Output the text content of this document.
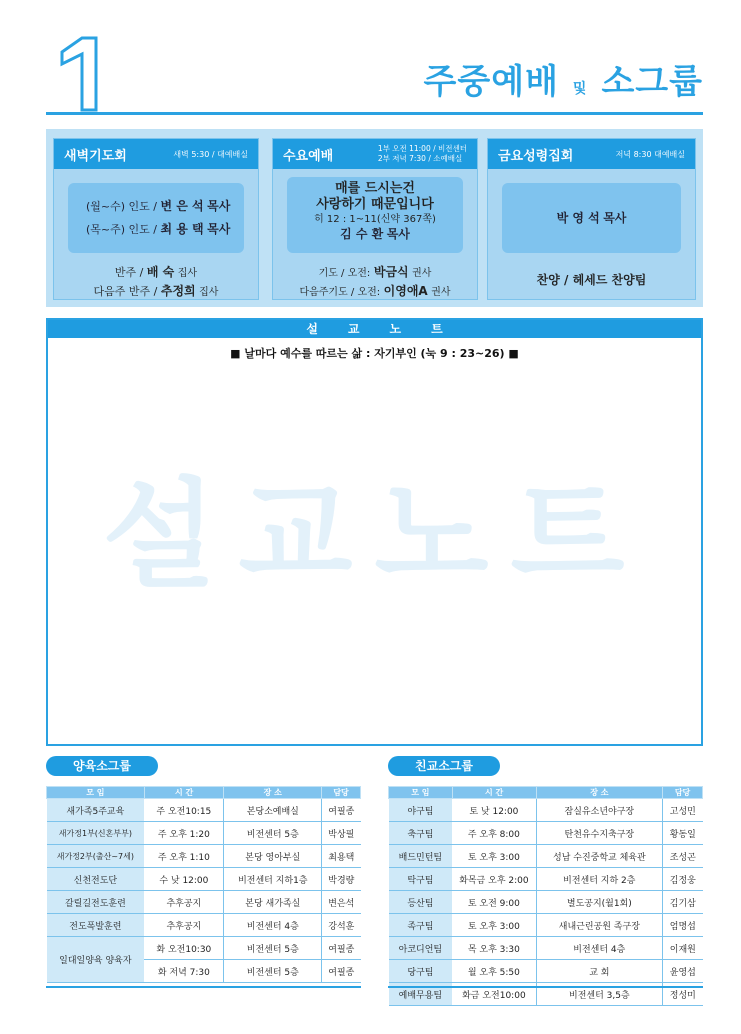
주중예배 및 소그룹
새벽기도회	새벽 5:30 / 대예배실
(월~수) 인도 / 변 은 석 목사
(목~주) 인도 / 최 용 택 목사
반주 / 배 숙 집사
다음주 반주 / 추정희 집사
수요예배	1부 오전 11:00 / 비전센터
2부 저녁 7:30 / 소예배실
매를 드시는건
사랑하기 때문입니다
히 12 : 1~11(신약 367쪽)
김 수 환 목사
기도 / 오전: 박금식 권사
다음주기도 / 오전: 이영애A 권사
금요성령집회	저녁 8:30 대예배실
박 영 석 목사
찬양 / 헤세드 찬양팀
설교노트
■ 날마다 예수를 따르는 삶 : 자기부인 (눅 9 : 23~26) ■
설교노트
양육소그룹
모 임	시 간	장 소	담당
새가족5주교육	주 오전10:15	본당소예배실	여필종
새가정1부(신혼부부)	주 오후 1:20	비전센터 5층	박상필
새가정2부(출산~7세)	주 오후 1:10	본당 영아부실	최용택
신천전도단	수 낮 12:00	비전센터 지하1층	박경량
갈릴길전도훈련	추후공지	본당 새가족실	변은석
전도폭발훈련	추후공지	비전센터 4층	강석훈
일대일양육 양육자	화 오전10:30	비전센터 5층	여필종
	화 저녁 7:30	비전센터 5층	여필종
친교소그룹
모 임	시 간	장 소	담당
야구팀	토 낮 12:00	잠실유소년야구장	고성민
축구팀	주 오후 8:00	탄천유수지축구장	황동일
배드민턴팀	토 오후 3:00	성남 수진중학교 체육관	조성곤
탁구팀	화목금 오후 2:00	비전센터 지하 2층	김정웅
등산팀	토 오전 9:00	별도공지(월1회)	김기삼
족구팀	토 오후 3:00	새내근린공원 족구장	엄명섭
아코디언팀	목 오후 3:30	비전센터 4층	이재원
당구팀	월 오후 5:50	교 회	윤영섭
예배무용팀	화금 오전10:00	비전센터 3,5층	정성미
